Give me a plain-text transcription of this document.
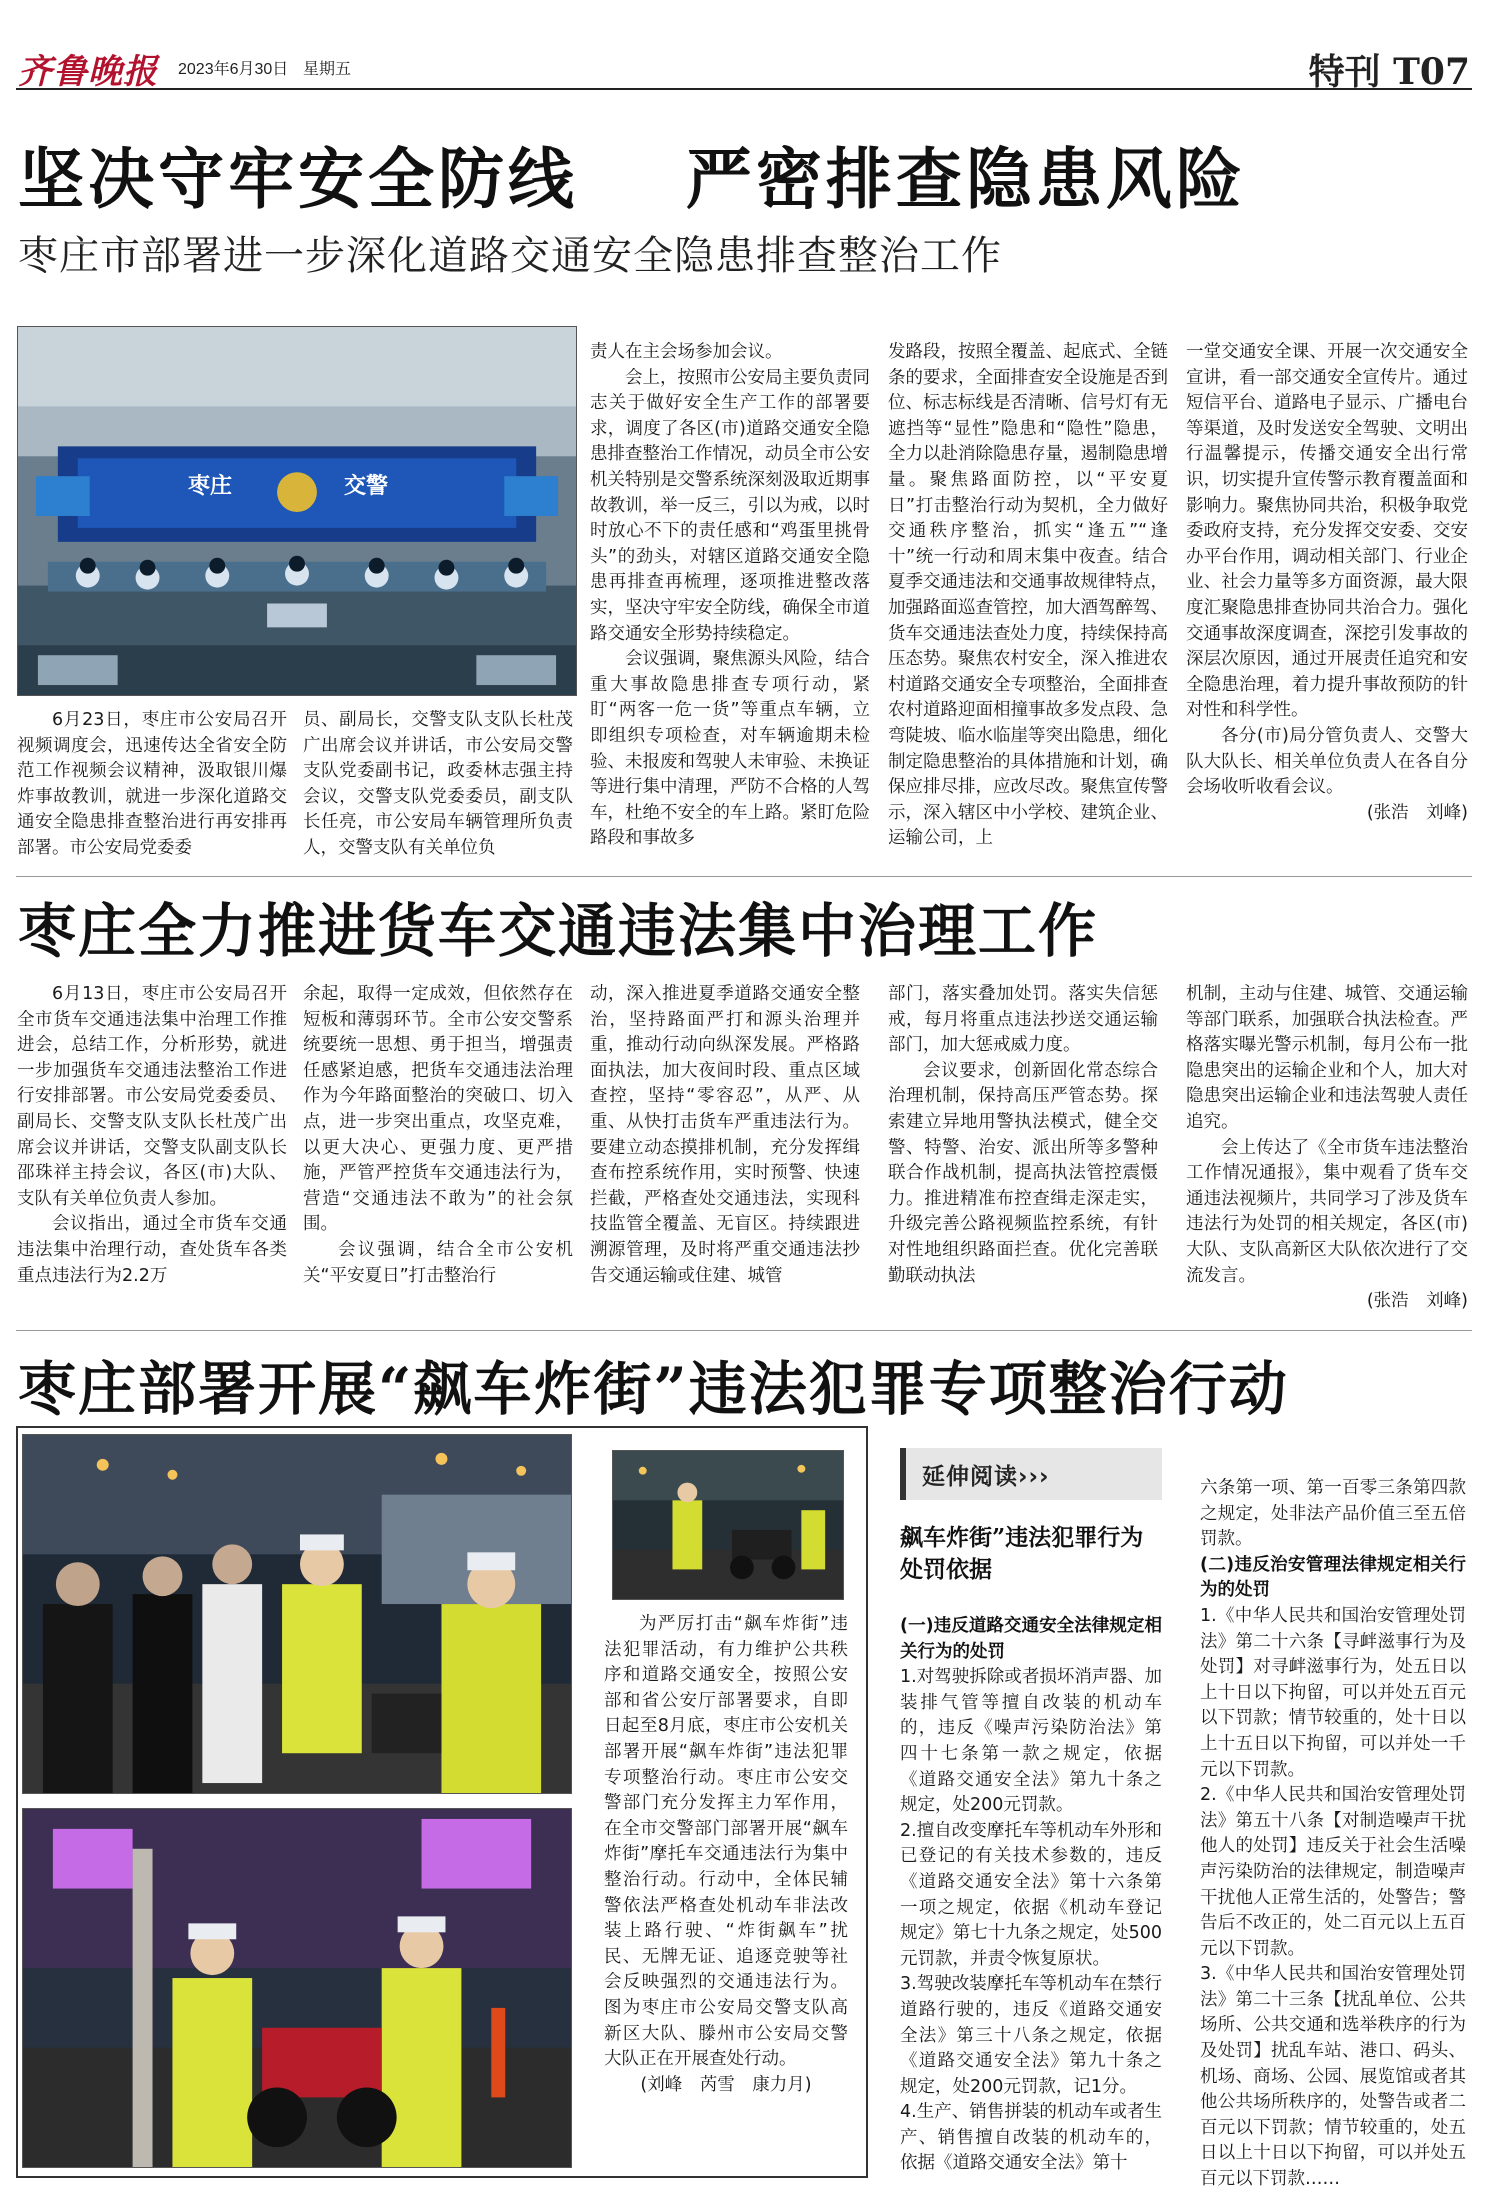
齐鲁晚报 2023年6月30日 星期五	特刊 T07
坚决守牢安全防线    严密排查隐患风险
枣庄市部署进一步深化道路交通安全隐患排查整治工作
枣庄	交警

6月23日，枣庄市公安局召开视频调度会，迅速传达全省安全防范工作视频会议精神，汲取银川爆炸事故教训，就进一步深化道路交通安全隐患排查整治进行再安排再部署。市公安局党委委

员、副局长，交警支队支队长杜茂广出席会议并讲话，市公安局交警支队党委副书记，政委林志强主持会议，交警支队党委委员，副支队长任亮，市公安局车辆管理所负责人，交警支队有关单位负

责人在主会场参加会议。

会上，按照市公安局主要负责同志关于做好安全生产工作的部署要求，调度了各区(市)道路交通安全隐患排查整治工作情况，动员全市公安机关特别是交警系统深刻汲取近期事故教训，举一反三，引以为戒，以时时放心不下的责任感和“鸡蛋里挑骨头”的劲头，对辖区道路交通安全隐患再排查再梳理，逐项推进整改落实，坚决守牢安全防线，确保全市道路交通安全形势持续稳定。

会议强调，聚焦源头风险，结合重大事故隐患排查专项行动，紧盯“两客一危一货”等重点车辆，立即组织专项检查，对车辆逾期未检验、未报废和驾驶人未审验、未换证等进行集中清理，严防不合格的人驾车，杜绝不安全的车上路。紧盯危险路段和事故多

发路段，按照全覆盖、起底式、全链条的要求，全面排查安全设施是否到位、标志标线是否清晰、信号灯有无遮挡等“显性”隐患和“隐性”隐患，全力以赴消除隐患存量，遏制隐患增量。聚焦路面防控，以“平安夏日”打击整治行动为契机，全力做好交通秩序整治，抓实“逢五”“逢十”统一行动和周末集中夜查。结合夏季交通违法和交通事故规律特点，加强路面巡查管控，加大酒驾醉驾、货车交通违法查处力度，持续保持高压态势。聚焦农村安全，深入推进农村道路交通安全专项整治，全面排查农村道路迎面相撞事故多发点段、急弯陡坡、临水临崖等突出隐患，细化制定隐患整治的具体措施和计划，确保应排尽排，应改尽改。聚焦宣传警示，深入辖区中小学校、建筑企业、运输公司，上

一堂交通安全课、开展一次交通安全宣讲，看一部交通安全宣传片。通过短信平台、道路电子显示、广播电台等渠道，及时发送安全驾驶、文明出行温馨提示，传播交通安全出行常识，切实提升宣传警示教育覆盖面和影响力。聚焦协同共治，积极争取党委政府支持，充分发挥交安委、交安办平台作用，调动相关部门、行业企业、社会力量等多方面资源，最大限度汇聚隐患排查协同共治合力。强化交通事故深度调查，深挖引发事故的深层次原因，通过开展责任追究和安全隐患治理，着力提升事故预防的针对性和科学性。

各分(市)局分管负责人、交警大队大队长、相关单位负责人在各自分会场收听收看会议。

(张浩　刘峰)

枣庄全力推进货车交通违法集中治理工作

6月13日，枣庄市公安局召开全市货车交通违法集中治理工作推进会，总结工作，分析形势，就进一步加强货车交通违法整治工作进行安排部署。市公安局党委委员、副局长、交警支队支队长杜茂广出席会议并讲话，交警支队副支队长邵珠祥主持会议，各区(市)大队、支队有关单位负责人参加。

会议指出，通过全市货车交通违法集中治理行动，查处货车各类重点违法行为2.2万

余起，取得一定成效，但依然存在短板和薄弱环节。全市公安交警系统要统一思想、勇于担当，增强责任感紧迫感，把货车交通违法治理作为今年路面整治的突破口、切入点，进一步突出重点，攻坚克难，以更大决心、更强力度、更严措施，严管严控货车交通违法行为，营造“交通违法不敢为”的社会氛围。

会议强调，结合全市公安机关“平安夏日”打击整治行

动，深入推进夏季道路交通安全整治，坚持路面严打和源头治理并重，推动行动向纵深发展。严格路面执法，加大夜间时段、重点区域查控，坚持“零容忍”，从严、从重、从快打击货车严重违法行为。要建立动态摸排机制，充分发挥缉查布控系统作用，实时预警、快速拦截，严格查处交通违法，实现科技监管全覆盖、无盲区。持续跟进溯源管理，及时将严重交通违法抄告交通运输或住建、城管

部门，落实叠加处罚。落实失信惩戒，每月将重点违法抄送交通运输部门，加大惩戒威力度。

会议要求，创新固化常态综合治理机制，保持高压严管态势。探索建立异地用警执法模式，健全交警、特警、治安、派出所等多警种联合作战机制，提高执法管控震慑力。推进精准布控查缉走深走实，升级完善公路视频监控系统，有针对性地组织路面拦查。优化完善联勤联动执法

机制，主动与住建、城管、交通运输等部门联系，加强联合执法检查。严格落实曝光警示机制，每月公布一批隐患突出的运输企业和个人，加大对隐患突出运输企业和违法驾驶人责任追究。

会上传达了《全市货车违法整治工作情况通报》，集中观看了货车交通违法视频片，共同学习了涉及货车违法行为处罚的相关规定，各区(市)大队、支队高新区大队依次进行了交流发言。

(张浩　刘峰)

枣庄部署开展“飙车炸街”违法犯罪专项整治行动

为严厉打击“飙车炸街”违法犯罪活动，有力维护公共秩序和道路交通安全，按照公安部和省公安厅部署要求，自即日起至8月底，枣庄市公安机关部署开展“飙车炸街”违法犯罪专项整治行动。枣庄市公安交警部门充分发挥主力军作用，在全市交警部门部署开展“飙车炸街”摩托车交通违法行为集中整治行动。行动中，全体民辅警依法严格查处机动车非法改装上路行驶、“炸街飙车”扰民、无牌无证、追逐竞驶等社会反映强烈的交通违法行为。图为枣庄市公安局交警支队高新区大队、滕州市公安局交警大队正在开展查处行动。

(刘峰　芮雪　康力月)

延伸阅读›››
飙车炸街”违法犯罪行为处罚依据

(一)违反道路交通安全法律规定相关行为的处罚

1.对驾驶拆除或者损坏消声器、加装排气管等擅自改装的机动车的，违反《噪声污染防治法》第四十七条第一款之规定，依据《道路交通安全法》第九十条之规定，处200元罚款。

2.擅自改变摩托车等机动车外形和已登记的有关技术参数的，违反《道路交通安全法》第十六条第一项之规定，依据《机动车登记规定》第七十九条之规定，处500元罚款，并责令恢复原状。

3.驾驶改装摩托车等机动车在禁行道路行驶的，违反《道路交通安全法》第三十八条之规定，依据《道路交通安全法》第九十条之规定，处200元罚款，记1分。

4.生产、销售拼装的机动车或者生产、销售擅自改装的机动车的，依据《道路交通安全法》第十

六条第一项、第一百零三条第四款之规定，处非法产品价值三至五倍罚款。

(二)违反治安管理法律规定相关行为的处罚

1.《中华人民共和国治安管理处罚法》第二十六条【寻衅滋事行为及处罚】对寻衅滋事行为，处五日以上十日以下拘留，可以并处五百元以下罚款；情节较重的，处十日以上十五日以下拘留，可以并处一千元以下罚款。

2.《中华人民共和国治安管理处罚法》第五十八条【对制造噪声干扰他人的处罚】违反关于社会生活噪声污染防治的法律规定，制造噪声干扰他人正常生活的，处警告；警告后不改正的，处二百元以上五百元以下罚款。

3.《中华人民共和国治安管理处罚法》第二十三条【扰乱单位、公共场所、公共交通和选举秩序的行为及处罚】扰乱车站、港口、码头、机场、商场、公园、展览馆或者其他公共场所秩序的，处警告或者二百元以下罚款；情节较重的，处五日以上十日以下拘留，可以并处五百元以下罚款……
